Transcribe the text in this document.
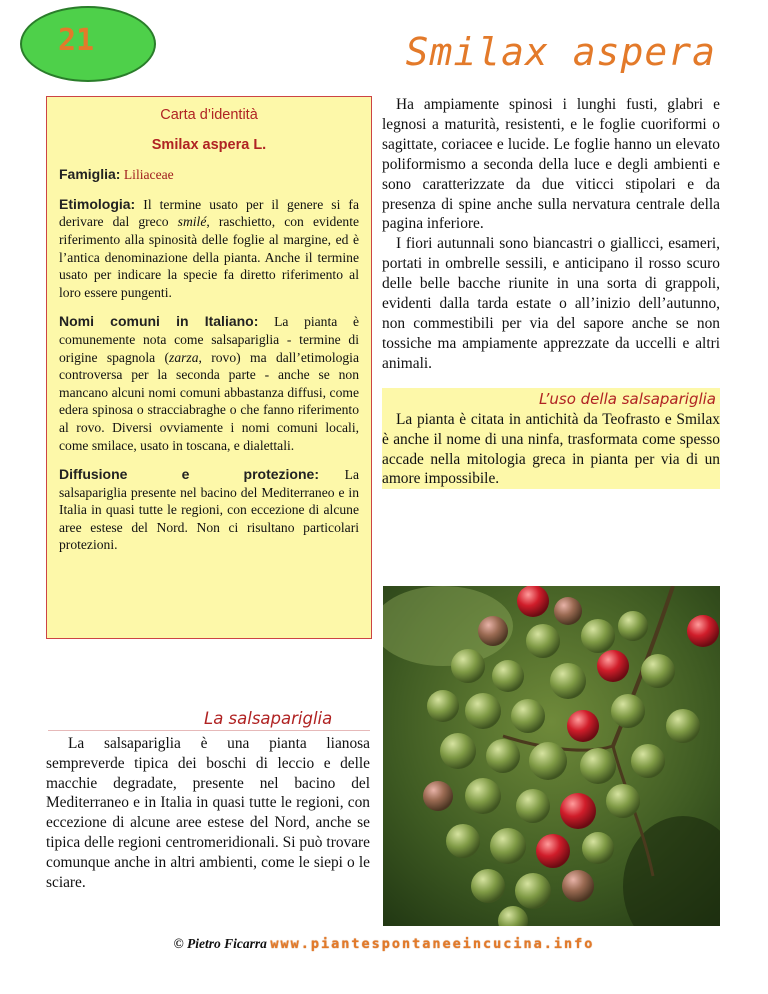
21	Smilax aspera
Carta d’identità
Smilax aspera L.
Famiglia: Liliaceae
Etimologia: Il termine usato per il genere si fa derivare dal greco smilé, raschietto, con evidente riferimento alla spinosità delle foglie al margine, ed è l’antica denominazione della pianta. Anche il termine usato per indicare la specie fa diretto riferimento al loro essere pungenti.
Nomi comuni in Italiano: La pianta è comunemente nota come salsapariglia - termine di origine spagnola (zarza, rovo) ma dall’etimologia controversa per la seconda parte - anche se non mancano alcuni nomi comuni abbastanza diffusi, come edera spinosa o stracciabraghe o che fanno riferimento al rovo. Diversi ovviamente i nomi comuni locali, come smilace, usato in toscana, e dialettali.
Diffusione e protezione: La salsapariglia presente nel bacino del Mediterraneo e in Italia in quasi tutte le regioni, con eccezione di alcune aree estese del Nord. Non ci risultano particolari protezioni.

Ha ampiamente spinosi i lunghi fusti, glabri e legnosi a maturità, resistenti, e le foglie cuoriformi o sagittate, coriacee e lucide. Le foglie hanno un elevato poliformismo a seconda della luce e degli ambienti e sono caratterizzate da due viticci stipolari e da presenza di spine anche sulla nervatura centrale della pagina inferiore.

I fiori autunnali sono biancastri o giallicci, esameri, portati in ombrelle sessili, e anticipano il rosso scuro delle belle bacche riunite in una sorta di grappoli, evidenti dalla tarda estate o all’inizio dell’autunno, non commestibili per via del sapore anche se non tossiche ma ampiamente apprezzate da uccelli e altri animali.

L’uso della salsapariglia

La pianta è citata in antichità da Teofrasto e Smilax è anche il nome di una ninfa, trasformata come spesso accade nella mitologia greca in pianta per via di un amore impossibile.

La salsapariglia

La salsapariglia è una pianta lianosa sempreverde tipica dei boschi di leccio e delle macchie degradate, presente nel bacino del Mediterraneo e in Italia in quasi tutte le regioni, con eccezione di alcune aree estese del Nord, anche se tipica delle regioni centromeridionali. Si può trovare comunque anche in altri ambienti, come le siepi o le sciare.

© Pietro Ficarra www.piantespontaneeincucina.info
